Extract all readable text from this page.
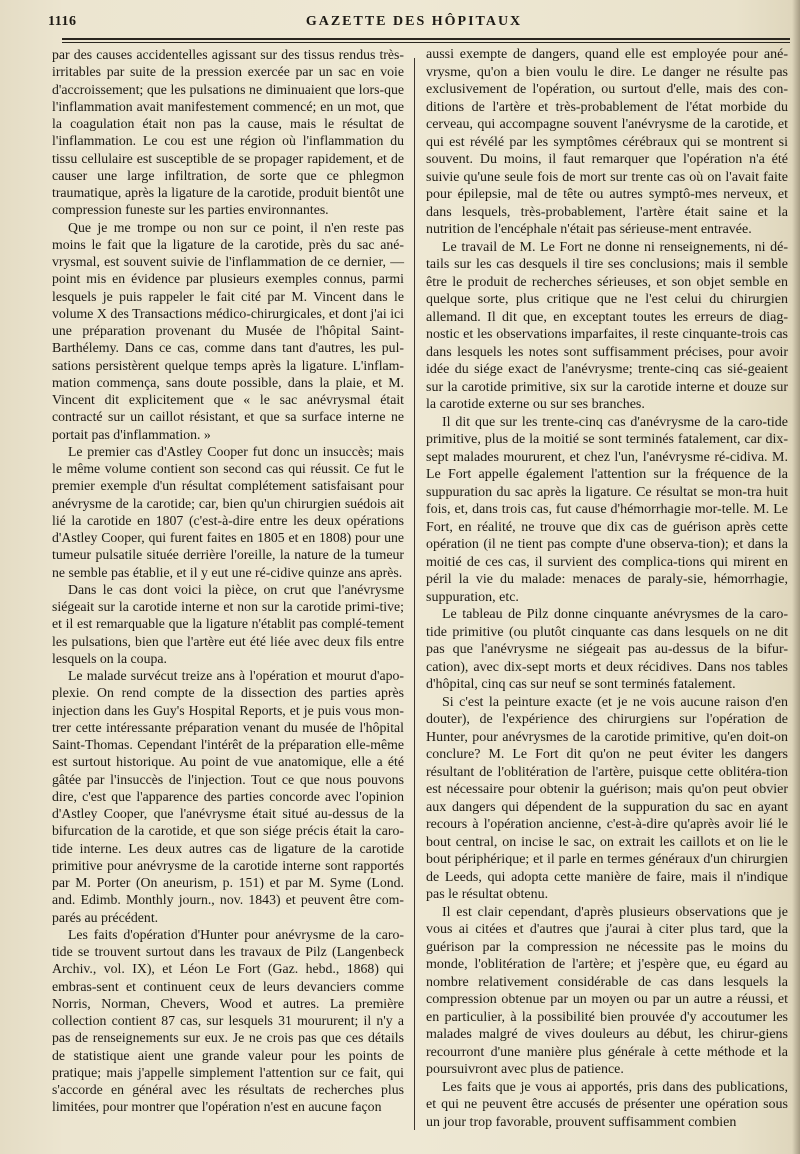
1116	GAZETTE DES HÔPITAUX

par des causes accidentelles agissant sur des tissus rendus très-irritables par suite de la pression exercée par un sac en voie d'accroissement; que les pulsations ne diminuaient que lors-que l'inflammation avait manifestement commencé; en un mot, que la coagulation était non pas la cause, mais le résultat de l'inflammation. Le cou est une région où l'inflammation du tissu cellulaire est susceptible de se propager rapidement, et de causer une large infiltration, de sorte que ce phlegmon traumatique, après la ligature de la carotide, produit bientôt une compression funeste sur les parties environnantes.

Que je me trompe ou non sur ce point, il n'en reste pas moins le fait que la ligature de la carotide, près du sac ané-vrysmal, est souvent suivie de l'inflammation de ce dernier, — point mis en évidence par plusieurs exemples connus, parmi lesquels je puis rappeler le fait cité par M. Vincent dans le volume X des Transactions médico-chirurgicales, et dont j'ai ici une préparation provenant du Musée de l'hôpital Saint-Barthélemy. Dans ce cas, comme dans tant d'autres, les pul-sations persistèrent quelque temps après la ligature. L'inflam-mation commença, sans doute possible, dans la plaie, et M. Vincent dit explicitement que « le sac anévrysmal était contracté sur un caillot résistant, et que sa surface interne ne portait pas d'inflammation. »

Le premier cas d'Astley Cooper fut donc un insuccès; mais le même volume contient son second cas qui réussit. Ce fut le premier exemple d'un résultat complétement satisfaisant pour anévrysme de la carotide; car, bien qu'un chirurgien suédois ait lié la carotide en 1807 (c'est-à-dire entre les deux opérations d'Astley Cooper, qui furent faites en 1805 et en 1808) pour une tumeur pulsatile située derrière l'oreille, la nature de la tumeur ne semble pas établie, et il y eut une ré-cidive quinze ans après.

Dans le cas dont voici la pièce, on crut que l'anévrysme siégeait sur la carotide interne et non sur la carotide primi-tive; et il est remarquable que la ligature n'établit pas complé-tement les pulsations, bien que l'artère eut été liée avec deux fils entre lesquels on la coupa.

Le malade survécut treize ans à l'opération et mourut d'apo-plexie. On rend compte de la dissection des parties après injection dans les Guy's Hospital Reports, et je puis vous mon-trer cette intéressante préparation venant du musée de l'hôpital Saint-Thomas. Cependant l'intérêt de la préparation elle-même est surtout historique. Au point de vue anatomique, elle a été gâtée par l'insuccès de l'injection. Tout ce que nous pouvons dire, c'est que l'apparence des parties concorde avec l'opinion d'Astley Cooper, que l'anévrysme était situé au-dessus de la bifurcation de la carotide, et que son siége précis était la caro-tide interne. Les deux autres cas de ligature de la carotide primitive pour anévrysme de la carotide interne sont rapportés par M. Porter (On aneurism, p. 151) et par M. Syme (Lond. and. Edimb. Monthly journ., nov. 1843) et peuvent être com-parés au précédent.

Les faits d'opération d'Hunter pour anévrysme de la caro-tide se trouvent surtout dans les travaux de Pilz (Langenbeck Archiv., vol. IX), et Léon Le Fort (Gaz. hebd., 1868) qui embras-sent et continuent ceux de leurs devanciers comme Norris, Norman, Chevers, Wood et autres. La première collection contient 87 cas, sur lesquels 31 moururent; il n'y a pas de renseignements sur eux. Je ne crois pas que ces détails de statistique aient une grande valeur pour les points de pratique; mais j'appelle simplement l'attention sur ce fait, qui s'accorde en général avec les résultats de recherches plus limitées, pour montrer que l'opération n'est en aucune façon

aussi exempte de dangers, quand elle est employée pour ané-vrysme, qu'on a bien voulu le dire. Le danger ne résulte pas exclusivement de l'opération, ou surtout d'elle, mais des con-ditions de l'artère et très-probablement de l'état morbide du cerveau, qui accompagne souvent l'anévrysme de la carotide, et qui est révélé par les symptômes cérébraux qui se montrent si souvent. Du moins, il faut remarquer que l'opération n'a été suivie qu'une seule fois de mort sur trente cas où on l'avait faite pour épilepsie, mal de tête ou autres symptô-mes nerveux, et dans lesquels, très-probablement, l'artère était saine et la nutrition de l'encéphale n'était pas sérieuse-ment entravée.

Le travail de M. Le Fort ne donne ni renseignements, ni dé-tails sur les cas desquels il tire ses conclusions; mais il semble être le produit de recherches sérieuses, et son objet semble en quelque sorte, plus critique que ne l'est celui du chirurgien allemand. Il dit que, en exceptant toutes les erreurs de diag-nostic et les observations imparfaites, il reste cinquante-trois cas dans lesquels les notes sont suffisamment précises, pour avoir idée du siége exact de l'anévrysme; trente-cinq cas sié-geaient sur la carotide primitive, six sur la carotide interne et douze sur la carotide externe ou sur ses branches.

Il dit que sur les trente-cinq cas d'anévrysme de la caro-tide primitive, plus de la moitié se sont terminés fatalement, car dix-sept malades moururent, et chez l'un, l'anévrysme ré-cidiva. M. Le Fort appelle également l'attention sur la fréquence de la suppuration du sac après la ligature. Ce résultat se mon-tra huit fois, et, dans trois cas, fut cause d'hémorrhagie mor-telle. M. Le Fort, en réalité, ne trouve que dix cas de guérison après cette opération (il ne tient pas compte d'une observa-tion); et dans la moitié de ces cas, il survient des complica-tions qui mirent en péril la vie du malade: menaces de paraly-sie, hémorrhagie, suppuration, etc.

Le tableau de Pilz donne cinquante anévrysmes de la caro-tide primitive (ou plutôt cinquante cas dans lesquels on ne dit pas que l'anévrysme ne siégeait pas au-dessus de la bifur-cation), avec dix-sept morts et deux récidives. Dans nos tables d'hôpital, cinq cas sur neuf se sont terminés fatalement.

Si c'est la peinture exacte (et je ne vois aucune raison d'en douter), de l'expérience des chirurgiens sur l'opération de Hunter, pour anévrysmes de la carotide primitive, qu'en doit-on conclure? M. Le Fort dit qu'on ne peut éviter les dangers résultant de l'oblitération de l'artère, puisque cette oblitéra-tion est nécessaire pour obtenir la guérison; mais qu'on peut obvier aux dangers qui dépendent de la suppuration du sac en ayant recours à l'opération ancienne, c'est-à-dire qu'après avoir lié le bout central, on incise le sac, on extrait les caillots et on lie le bout périphérique; et il parle en termes généraux d'un chirurgien de Leeds, qui adopta cette manière de faire, mais il n'indique pas le résultat obtenu.

Il est clair cependant, d'après plusieurs observations que je vous ai citées et d'autres que j'aurai à citer plus tard, que la guérison par la compression ne nécessite pas le moins du monde, l'oblitération de l'artère; et j'espère que, eu égard au nombre relativement considérable de cas dans lesquels la compression obtenue par un moyen ou par un autre a réussi, et en particulier, à la possibilité bien prouvée d'y accoutumer les malades malgré de vives douleurs au début, les chirur-giens recourront d'une manière plus générale à cette méthode et la poursuivront avec plus de patience.

Les faits que je vous ai apportés, pris dans des publications, et qui ne peuvent être accusés de présenter une opération sous un jour trop favorable, prouvent suffisamment combien
